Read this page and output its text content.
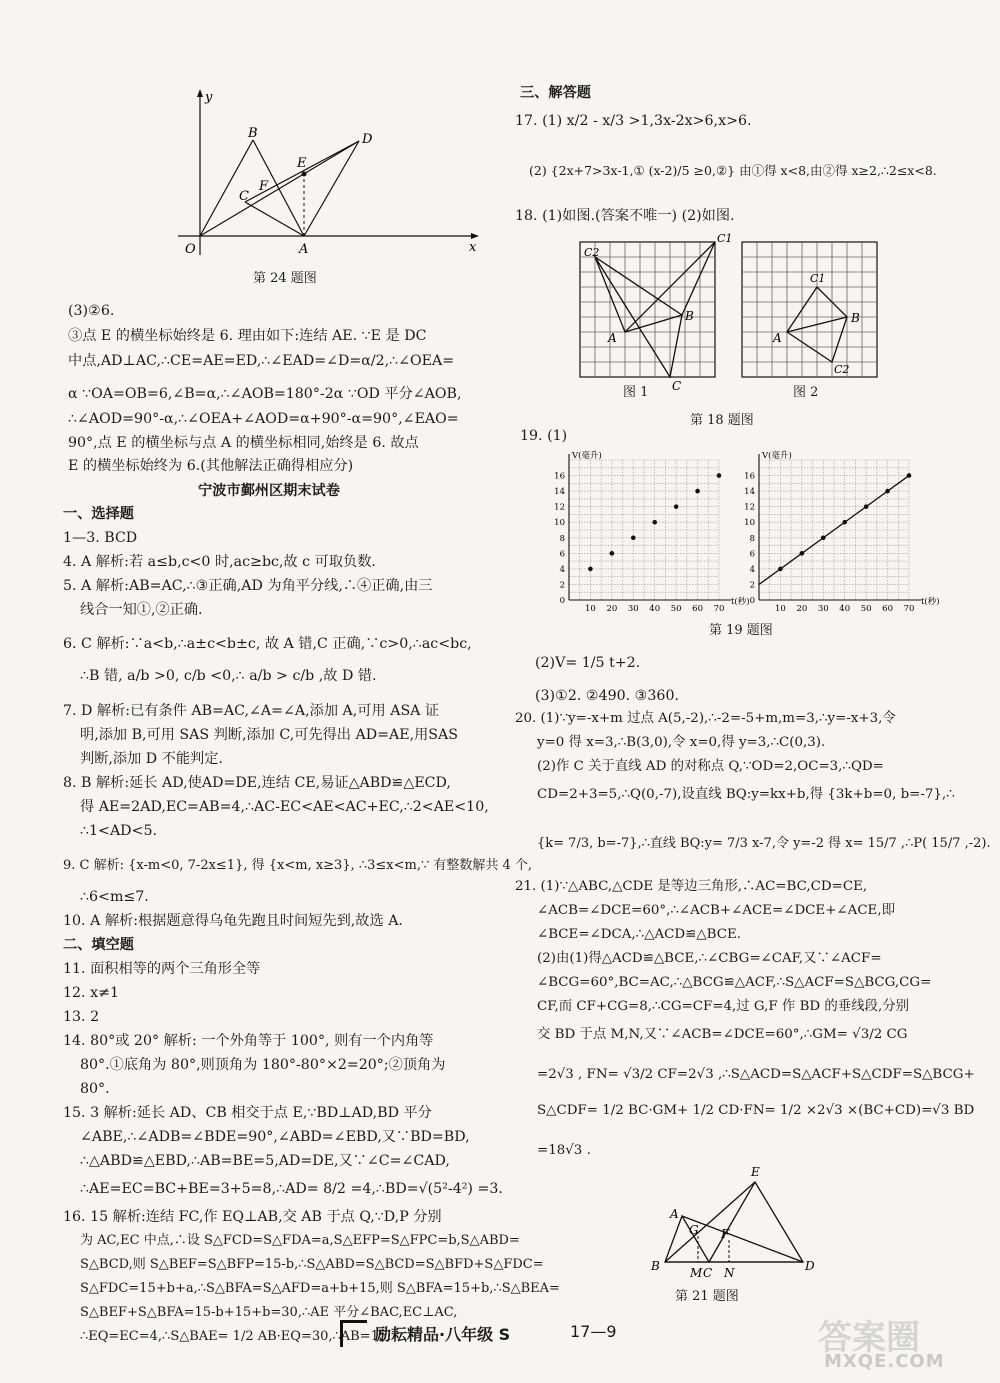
y
x
O	A
B
C
D
E
F
第 24 题图
(3)②6.
③点 E 的横坐标始终是 6. 理由如下:连结 AE. ∵E 是 DC
中点,AD⊥AC,∴CE=AE=ED,∴∠EAD=∠D=α/2,∴∠OEA=
α ∵OA=OB=6,∠B=α,∴∠AOB=180°-2α ∵OD 平分∠AOB,
∴∠AOD=90°-α,∴∠OEA+∠AOD=α+90°-α=90°,∠EAO=
90°,点 E 的横坐标与点 A 的横坐标相同,始终是 6. 故点
E 的横坐标始终为 6.(其他解法正确得相应分)
宁波市鄞州区期末试卷
一、选择题
1—3. BCD
4. A 解析:若 a≤b,c<0 时,ac≥bc,故 c 可取负数.
5. A 解析:AB=AC,∴③正确,AD 为角平分线,∴④正确,由三
线合一知①,②正确.
6. C 解析:∵a<b,∴a±c<b±c, 故 A 错,C 正确,∵c>0,∴ac<bc,
∴B 错, a/b >0, c/b <0,∴ a/b > c/b ,故 D 错.
7. D 解析:已有条件 AB=AC,∠A=∠A,添加 A,可用 ASA 证
明,添加 B,可用 SAS 判断,添加 C,可先得出 AD=AE,用SAS
判断,添加 D 不能判定.
8. B 解析:延长 AD,使AD=DE,连结 CE,易证△ABD≌△ECD,
得 AE=2AD,EC=AB=4,∴AC-EC<AE<AC+EC,∴2<AE<10,
∴1<AD<5.
9. C 解析: {x-m<0, 7-2x≤1}, 得 {x<m, x≥3}, ∴3≤x<m,∵ 有整数解共 4 个,
∴6<m≤7.
10. A 解析:根据题意得乌龟先跑且时间短先到,故选 A.
二、填空题
11. 面积相等的两个三角形全等
12. x≠1
13. 2
14. 80°或 20° 解析: 一个外角等于 100°, 则有一个内角等
80°.①底角为 80°,则顶角为 180°-80°×2=20°;②顶角为
80°.
15. 3 解析:延长 AD、CB 相交于点 E,∵BD⊥AD,BD 平分
∠ABE,∴∠ADB=∠BDE=90°,∠ABD=∠EBD,又∵BD=BD,
∴△ABD≌△EBD,∴AB=BE=5,AD=DE,又∵∠C=∠CAD,
∴AE=EC=BC+BE=3+5=8,∴AD= 8/2 =4,∴BD=√(5²-4²) =3.
16. 15 解析:连结 FC,作 EQ⊥AB,交 AB 于点 Q,∵D,P 分别
为 AC,EC 中点,∴设 S△FCD=S△FDA=a,S△EFP=S△FPC=b,S△ABD=
S△BCD,则 S△BEF=S△BFP=15-b,∴S△ABD=S△BCD=S△BFD+S△FDC=
S△FDC=15+b+a,∴S△BFA=S△AFD=a+b+15,则 S△BFA=15+b,∴S△BEA=
S△BEF+S△BFA=15-b+15+b=30,∴AE 平分∠BAC,EC⊥AC,
∴EQ=EC=4,∴S△BAE= 1/2 AB·EQ=30,∴AB=15.
三、解答题
17. (1) x/2 - x/3 >1,3x-2x>6,x>6.
(2) {2x+7>3x-1,① (x-2)/5 ≥0,②} 由①得 x<8,由②得 x≥2,∴2≤x<8.
18. (1)如图.(答案不唯一) (2)如图.
C2
C1
B
A
C
C1
B
A
C2
图 1	图 2
第 18 题图
19. (1)
V(毫升)
t(秒)
16
14
12
10
8
6
4
2
0
10 20 30 40 50 60 70
V(毫升)
t(秒)
16
14
12
10
8
6
4
2
0
10 20 30 40 50 60 70
第 19 题图
(2)V= 1/5 t+2.
(3)①2. ②490. ③360.
20. (1)∵y=-x+m 过点 A(5,-2),∴-2=-5+m,m=3,∴y=-x+3,令
y=0 得 x=3,∴B(3,0),令 x=0,得 y=3,∴C(0,3).
(2)作 C 关于直线 AD 的对称点 Q,∵OD=2,OC=3,∴QD=
CD=2+3=5,∴Q(0,-7),设直线 BQ:y=kx+b,得 {3k+b=0, b=-7},∴
{k= 7/3, b=-7},∴直线 BQ:y= 7/3 x-7,令 y=-2 得 x= 15/7 ,∴P( 15/7 ,-2).
21. (1)∵△ABC,△CDE 是等边三角形,∴AC=BC,CD=CE,
∠ACB=∠DCE=60°,∴∠ACB+∠ACE=∠DCE+∠ACE,即
∠BCE=∠DCA,∴△ACD≌△BCE.
(2)由(1)得△ACD≌△BCE,∴∠CBG=∠CAF,又∵∠ACF=
∠BCG=60°,BC=AC,∴△BCG≌△ACF,∴S△ACF=S△BCG,CG=
CF,而 CF+CG=8,∴CG=CF=4,过 G,F 作 BD 的垂线段,分别
交 BD 于点 M,N,又∵∠ACB=∠DCE=60°,∴GM= √3/2 CG
=2√3 , FN= √3/2 CF=2√3 ,∴S△ACD=S△ACF+S△CDF=S△BCG+
S△CDF= 1/2 BC·GM+ 1/2 CD·FN= 1/2 ×2√3 ×(BC+CD)=√3 BD
=18√3 .
E
A
G F
B	M C N	D
第 21 题图
励耘精品·八年级 S	17—9	答案圈
MXQE.COM
